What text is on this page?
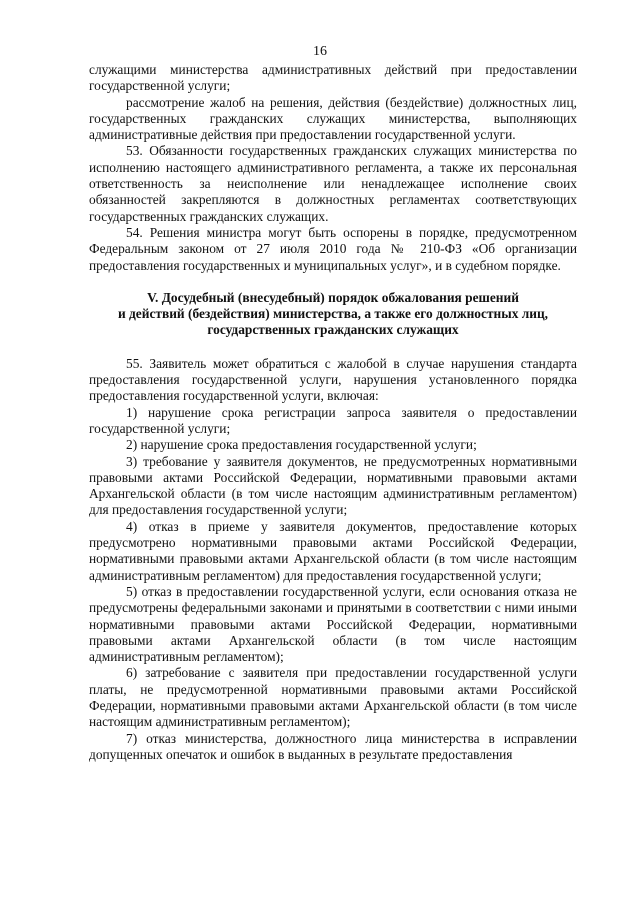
16

служащими министерства административных действий при предоставлении государственной услуги;

рассмотрение жалоб на решения, действия (бездействие) должностных лиц, государственных гражданских служащих министерства, выполняющих административные действия при предоставлении государственной услуги.

53. Обязанности государственных гражданских служащих министерства по исполнению настоящего административного регламента, а также их персональная ответственность за неисполнение или ненадлежащее исполнение своих обязанностей закрепляются в должностных регламентах соответствующих государственных гражданских служащих.

54. Решения министра могут быть оспорены в порядке, предусмотренном Федеральным законом от 27 июля 2010 года № 210-ФЗ «Об организации предоставления государственных и муниципальных услуг», и в судебном порядке.

V. Досудебный (внесудебный) порядок обжалования решений
и действий (бездействия) министерства, а также его должностных лиц,
государственных гражданских служащих

55. Заявитель может обратиться с жалобой в случае нарушения стандарта предоставления государственной услуги, нарушения установленного порядка предоставления государственной услуги, включая:

1) нарушение срока регистрации запроса заявителя о предоставлении государственной услуги;

2) нарушение срока предоставления государственной услуги;

3) требование у заявителя документов, не предусмотренных нормативными правовыми актами Российской Федерации, нормативными правовыми актами Архангельской области (в том числе настоящим административным регламентом) для предоставления государственной услуги;

4) отказ в приеме у заявителя документов, предоставление которых предусмотрено нормативными правовыми актами Российской Федерации, нормативными правовыми актами Архангельской области (в том числе настоящим административным регламентом) для предоставления государственной услуги;

5) отказ в предоставлении государственной услуги, если основания отказа не предусмотрены федеральными законами и принятыми в соответствии с ними иными нормативными правовыми актами Российской Федерации, нормативными правовыми актами Архангельской области (в том числе настоящим административным регламентом);

6) затребование с заявителя при предоставлении государственной услуги платы, не предусмотренной нормативными правовыми актами Российской Федерации, нормативными правовыми актами Архангельской области (в том числе настоящим административным регламентом);

7) отказ министерства, должностного лица министерства в исправлении допущенных опечаток и ошибок в выданных в результате предоставления
